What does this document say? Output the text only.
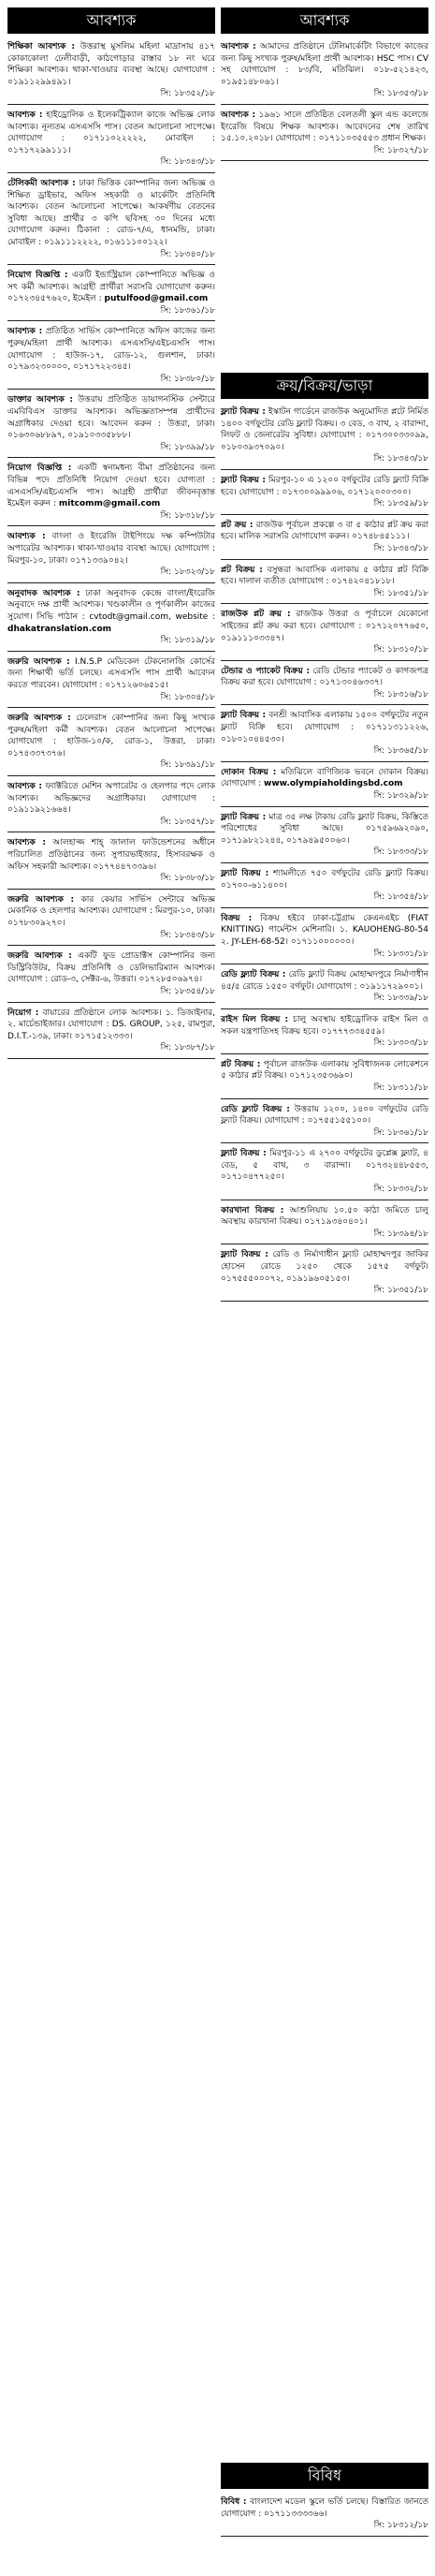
আবশ্যক
শিক্ষিকা আবশ্যক : উত্তরাস্থ মুসলিম মহিলা মাদ্রাসায় ৪১৭ কোকাকোলা ঢেলীবাড়ী, কাঠগোড়ার রাস্তার ১৮ নং ঘরে শিক্ষিকা আবশ্যক। থাকা-খাওয়ার ব্যবস্থা আছে। যোগাযোগ : ০১৯১১২৯৯৪৯১।
সি: ১৮৩৫২/১৮
আবশ্যক : হাইড্রোলিক ও ইলেকট্রিক্যাল কাজে অভিজ্ঞ লোক আবশ্যক। নূন্যতম এসএসসি পাস। বেতন আলোচনা সাপেক্ষে। যোগাযোগ : ০১৭১১০২২২২২, মোবাইল : ০১৭১৭২৯৯১১১।
সি: ১৮৩৪৩/১৮
টেলিকমী আবশ্যক : ঢাকা ভিত্তিক কোম্পানির জন্য অভিজ্ঞ ও শিক্ষিত ড্রাইভার, অফিস সহকারী ও মার্কেটিং প্রতিনিধি আবশ্যক। বেতন আলোচনা সাপেক্ষে। আকর্ষণীয় বেতনের সুবিধা আছে। প্রার্থীর ৩ কপি ছবিসহ ৩০ দিনের মধ্যে যোগাযোগ করুন। ঠিকানা : রোড-৭/এ, ধানমন্ডি, ঢাকা। মোবাইল : ০১৯১১১২২২২, ০১৬১১১০০১২২।
সি: ১৮৩৪০/১৮
নিয়োগ বিজ্ঞপ্তি : একটি ইন্ডাস্ট্রিয়াল কোম্পানিতে অভিজ্ঞ ও সৎ কর্মী আবশ্যক। আগ্রহী প্রার্থীরা সরাসরি যোগাযোগ করুন। ০১৭২৩৪৫৭৬২০, ইমেইল : putulfood@gmail.com
সি: ১৮৩৬১/১৮
আবশ্যক : প্রতিষ্ঠিত সার্ভিস কোম্পানিতে অফিস কাজের জন্য পুরুষ/মহিলা প্রার্থী আবশ্যক। এসএসসি/এইচএসসি পাস। যোগাযোগ : হাউজ-১৭, রোড-১২, গুলশান, ঢাকা। ০১৭৯৩২৩০০০০, ০১৭১৭২২৩৪৫।
সি: ১৮৩৮০/১৮
ডাক্তার আবশ্যক : উত্তরায় প্রতিষ্ঠিত ডায়াগনস্টিক সেন্টারে এমবিবিএস ডাক্তার আবশ্যক। অভিজ্ঞতাসম্পন্ন প্রার্থীদের অগ্রাধিকার দেওয়া হবে। আবেদন করুন : উত্তরা, ঢাকা। ০১৬৩০৬৮৮৯৭, ০১৯১০৩৩৫৮৮৮।
সি: ১৮৩৯৯/১৮
নিয়োগ বিজ্ঞপ্তি : একটি স্বনামধন্য বীমা প্রতিষ্ঠানের জন্য বিভিন্ন পদে প্রতিনিধি নিয়োগ দেওয়া হবে। যোগ্যতা : এসএসসি/এইচএসসি পাস। আগ্রহী প্রার্থীরা জীবনবৃত্তান্ত ইমেইল করুন : mitcomm@gmail.com
সি: ১৮৩১৮/১৮
আবশ্যক : বাংলা ও ইংরেজি টাইপিংয়ে দক্ষ কম্পিউটার অপারেটর আবশ্যক। থাকা-খাওয়ার ব্যবস্থা আছে। যোগাযোগ : মিরপুর-১০, ঢাকা। ০১৭১৩৩৯০৪২।
সি: ১৮৩২৩/১৮
অনুবাদক আবশ্যক : ঢাকা অনুবাদক কেন্দ্রে বাংলা/ইংরেজি অনুবাদে দক্ষ প্রার্থী আবশ্যক। খণ্ডকালীন ও পূর্ণকালীন কাজের সুযোগ। সিভি পাঠান : cvtodt@gmail.com, website : dhakatranslation.com
সি: ১৮৩১৯/১৮
জরুরি আবশ্যক : I.N.S.P মেডিকেল টেকনোলজি কোর্সের জন্য শিক্ষার্থী ভর্তি চলছে। এসএসসি পাস প্রার্থী আবেদন করতে পারবেন। যোগাযোগ : ০১৭১২৬০৬৫১৫।
সি: ১৮৩০৪/১৮
জরুরি আবশ্যক : ঢেলেরাস কোম্পানির জন্য কিছু সংখ্যক পুরুষ/মহিলা কর্মী আবশ্যক। বেতন আলোচনা সাপেক্ষে। যোগাযোগ : হাউজ-১০/ক, রোড-১, উত্তরা, ঢাকা। ০১৭৪৩৩৭৩৭৬।
সি: ১৮৩৯১/১৮
আবশ্যক : ফ্যাক্টরিতে মেশিন অপারেটর ও হেলপার পদে লোক আবশ্যক। অভিজ্ঞদের অগ্রাধিকার। যোগাযোগ : ০১৯১১৯২১৬৬৪।
সি: ১৮৩৫৭/১৮
আবশ্যক : আলহাজ্জ শাহ্ জালাল ফাউন্ডেশনের অধীনে পরিচালিত প্রতিষ্ঠানের জন্য সুপারভাইজার, হিসাবরক্ষক ও অফিস সহকারী আবশ্যক। ০১৭৭৪৪৭৩৩৯৬।
সি: ১৮৩৮৩/১৮
জরুরি আবশ্যক : কার কেয়ার সার্ভিস সেন্টারে অভিজ্ঞ মেকানিক ও হেলপার আবশ্যক। যোগাযোগ : মিরপুর-১০, ঢাকা। ০১৭৮৩০৯২৭০।
সি: ১৮৩৪৩/১৮
জরুরি আবশ্যক : একটি ফুড প্রোডাক্টস কোম্পানির জন্য ডিস্ট্রিবিউটর, বিক্রয় প্রতিনিধি ও ডেলিভারিম্যান আবশ্যক। যোগাযোগ : রোড-৩, সেক্টর-৬, উত্তরা। ০১৭২৮৫০৬৯৭৪।
সি: ১৮৩৫৪/১৮
নিয়োগ : বায়ারের প্রতিষ্ঠানে লোক আবশ্যক। ১. ডিজাইনার, ২. মার্চেন্ডাইজার। যোগাযোগ : DS. GROUP, ১২৫, রামপুরা, D.I.T.-১৩৯, ঢাকা। ০১৭১৫১২৩৩৩।
সি: ১৮৩৮৭/১৮
আবশ্যক
আবশ্যক : আমাদের প্রতিষ্ঠানে টেলিমার্কেটিং বিভাগে কাজের জন্য কিছু সংখ্যক পুরুষ/মহিলা প্রার্থী আবশ্যক। HSC পাস। CV সহ যোগাযোগ : ৮৩/বি, মতিঝিল। ০১৮-৫২১৪২৩, ০১৯৫১৪৮০৬১।
সি: ১৮৩৫৩/১৮
আবশ্যক : ১৯৬১ সালে প্রতিষ্ঠিত বেলতলী স্কুল এন্ড কলেজে ইংরেজি বিষয়ে শিক্ষক আবশ্যক। আবেদনের শেষ তারিখ ১৫.১০.২০১৮। যোগাযোগ : ০১৭১১০৩৫৫৫৩ প্রধান শিক্ষক।
সি: ১৮৩২৭/১৮
ক্রয়/বিক্রয়/ভাড়া
ফ্ল্যাট বিক্রয় : ইস্কাটন গার্ডেনে রাজউক অনুমোদিত প্লটে নির্মিত ১৪০০ বর্গফুটের রেডি ফ্ল্যাট বিক্রয়। ৩ বেড, ৩ বাথ, ২ বারান্দা, লিফট ও জেনারেটর সুবিধা। যোগাযোগ : ০১৭৩০০৩৩০৯৯, ০১৮০৩৯৩৭০৯০।
সি: ১৮৩৪৩/১৮
ফ্ল্যাট বিক্রয় : মিরপুর-১০ এ ১২০০ বর্গফুটের রেডি ফ্ল্যাট বিক্রি হবে। যোগাযোগ : ০১৭৩০০৯৯৯০৬, ০১৭১২০০০৩০০।
সি: ১৮৩৫৯/১৮
প্লট ক্রয় : রাজউক পূর্বাচল প্রকল্পে ৩ বা ৫ কাঠার প্লট ক্রয় করা হবে। মালিক সরাসরি যোগাযোগ করুন। ০১৭৪৮৪৫১১১।
সি: ১৮৩৪৩/১৮
প্লট বিক্রয় : বসুন্ধরা আবাসিক এলাকায় ৫ কাঠার প্লট বিক্রি হবে। দালাল ব্যতীত যোগাযোগ : ০১৭৪২০৪১৮১৮।
সি: ১৮৩৫১/১৮
রাজউক প্লট ক্রয় : রাজউক উত্তরা ও পূর্বাচলে যেকোনো সাইজের প্লট ক্রয় করা হবে। যোগাযোগ : ০১৭১২০৭৭৬৫০, ০১৯১১১০৩৩৪৭।
সি: ১৮৩১০/১৮
টেন্ডার ও প্যাকেট বিক্রয় : রেডি টেন্ডার প্যাকেট ও কাগজপত্র বিক্রয় করা হবে। যোগাযোগ : ০১৭১৩০৪৬৩৩৭।
সি: ১৮৩১৬/১৮
ফ্ল্যাট বিক্রয় : বনশ্রী আবাসিক এলাকায় ১৫০০ বর্গফুটের নতুন ফ্ল্যাট বিক্রি হবে। যোগাযোগ : ০১৭১১৩১১২২৬, ০১৮০১০৪৪৫৩০।
সি: ১৮৩৬৫/১৮
দোকান বিক্রয় : মতিঝিলে বাণিজ্যিক ভবনে দোকান বিক্রয়। যোগাযোগ : www.olympiaholdingsbd.com
সি: ১৮৩২৯/১৮
ফ্ল্যাট বিক্রয় : মাত্র ৩৫ লক্ষ টাকায় রেডি ফ্ল্যাট বিক্রয়, কিস্তিতে পরিশোধের সুবিধা আছে। ০১৭৫৯৬৯২০৯০, ০১৭১৯৮২১২৪৪, ০১৭৯৪৯৫০০৬০।
সি: ১৮৩৩৩/১৮
ফ্ল্যাট বিক্রয় : শ্যামলীতে ৭৫০ বর্গফুটের রেডি ফ্ল্যাট বিক্রয়। ০১৭০০-৬১১৪০০।
সি: ১৮৩৫৪/১৮
বিক্রয় : বিক্রয় হইবে ঢাকা-চট্টগ্রাম কেএনএইচ (FIAT KNITTING) গার্মেন্টস মেশিনারি। ১. KAUOHENG-80-54 ২. JY-LEH-68-52। ০১৭১১০০০০০০।
সি: ১৮৩৩১/১৮
রেডি ফ্ল্যাট বিক্রয় : রেডি ফ্ল্যাট বিক্রয় মোহাম্মদপুরে নির্মাণাধীন ৪৫/৫ রোডে ১৫৫০ বর্গফুট। যোগাযোগ : ০১৯১১৭২৯০০১।
সি: ১৮৩৩৯/১৮
রাইস মিল বিক্রয় : চালু অবস্থায় হাইড্রোলিক রাইস মিল ও সকল যন্ত্রপাতিসহ বিক্রয় হবে। ০১৭৭৭৩৩৪৫৫৯।
সি: ১৮৩০৩/১৮
প্লট বিক্রয় : পূর্বাচল রাজউক এলাকায় সুবিধাজনক লোকেশনে ৫ কাঠার প্লট বিক্রয়। ০১৭১২৩৫৩৬৯০।
সি: ১৮৩১১/১৮
রেডি ফ্ল্যাট বিক্রয় : উত্তরায় ১২০০, ১৪০০ বর্গফুটের রেডি ফ্ল্যাট বিক্রয়। যোগাযোগ : ০১৭৫৫১৫৫১০০।
সি: ১৮৩৬১/১৮
ফ্ল্যাট বিক্রয় : মিরপুর-১১ এ ২৭০০ বর্গফুটের ডুপ্লেক্স ফ্ল্যাট, ৪ বেড, ৫ বাথ, ৩ বারান্দা। ০১৭৩২৪৪৮৫৫৩, ০১৭১০৪৭৭২৫০।
সি: ১৮৩৩২/১৮
কারখানা বিক্রয় : আশুলিয়ায় ১০.৫০ কাঠা জমিতে চালু অবস্থায় কারখানা বিক্রয়। ০১৭১৯৩৪০৪০১।
সি: ১৮৩৯৪/১৮
ফ্ল্যাট বিক্রয় : রেডি ও নির্মাণাধীন ফ্ল্যাট মোহাম্মদপুর জাকির হোসেন রোডে ১২৫০ থেকে ১৫৭৫ বর্গফুট। ০১৭৫৫৫০০০৭২, ০১৯১৯৬০৫১৫৩।
সি: ১৮৩৫১/১৮
বিবিধ
বিবিধ : বাংলাদেশ মডেল স্কুলে ভর্তি চলছে। বিস্তারিত জানতে যোগাযোগ : ০১৭১১৩৩৩৩৬৬।
সি: ১৮৩১২/১৮
